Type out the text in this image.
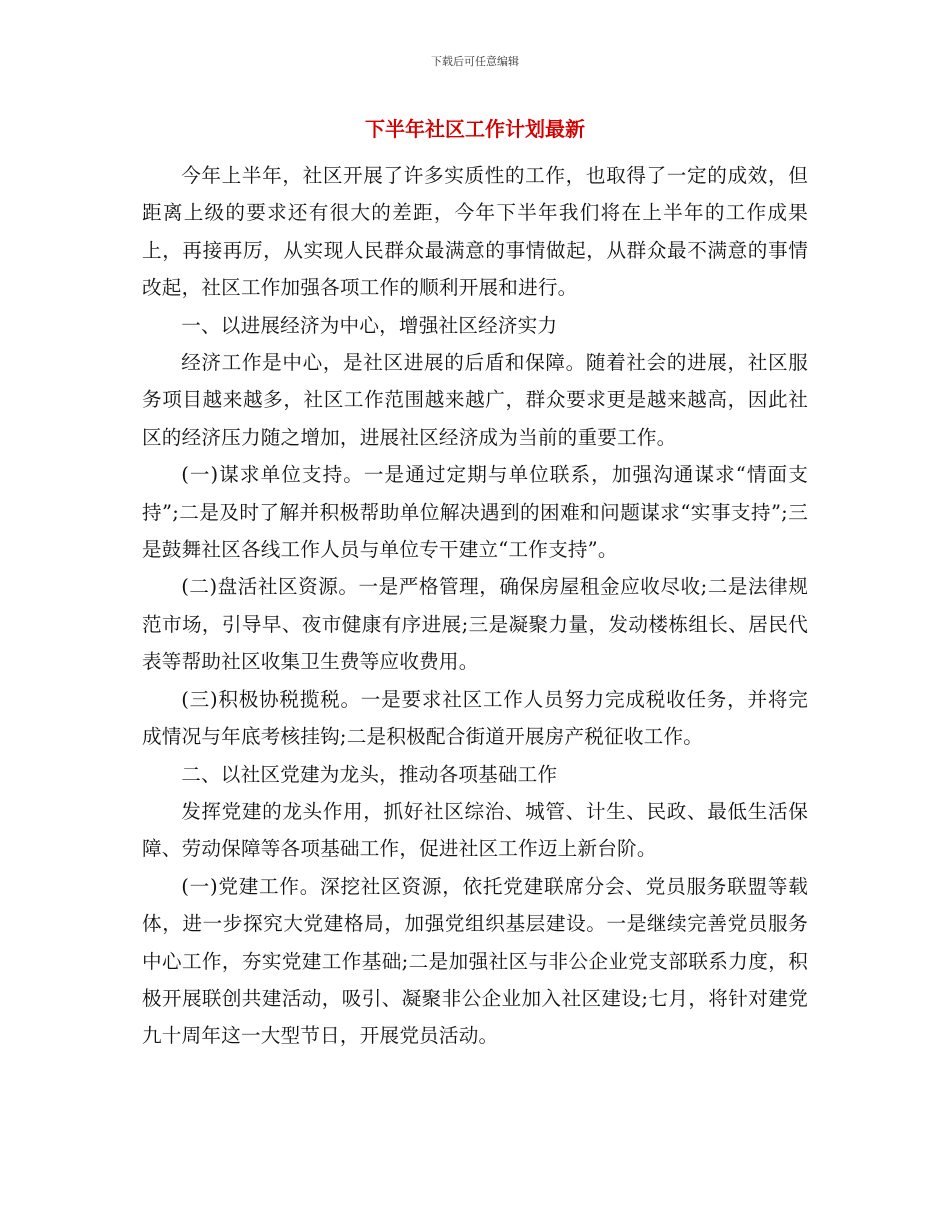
下载后可任意编辑
下半年社区工作计划最新

今年上半年，社区开展了许多实质性的工作，也取得了一定的成效，但距离上级的要求还有很大的差距，今年下半年我们将在上半年的工作成果上，再接再厉，从实现人民群众最满意的事情做起，从群众最不满意的事情改起，社区工作加强各项工作的顺利开展和进行。

一、以进展经济为中心，增强社区经济实力

经济工作是中心，是社区进展的后盾和保障。随着社会的进展，社区服务项目越来越多，社区工作范围越来越广，群众要求更是越来越高，因此社区的经济压力随之增加，进展社区经济成为当前的重要工作。

(一)谋求单位支持。一是通过定期与单位联系，加强沟通谋求“情面支持”;二是及时了解并积极帮助单位解决遇到的困难和问题谋求“实事支持”;三是鼓舞社区各线工作人员与单位专干建立“工作支持”。

(二)盘活社区资源。一是严格管理，确保房屋租金应收尽收;二是法律规范市场，引导早、夜市健康有序进展;三是凝聚力量，发动楼栋组长、居民代表等帮助社区收集卫生费等应收费用。

(三)积极协税揽税。一是要求社区工作人员努力完成税收任务，并将完成情况与年底考核挂钩;二是积极配合街道开展房产税征收工作。

二、以社区党建为龙头，推动各项基础工作

发挥党建的龙头作用，抓好社区综治、城管、计生、民政、最低生活保障、劳动保障等各项基础工作，促进社区工作迈上新台阶。

(一)党建工作。深挖社区资源，依托党建联席分会、党员服务联盟等载体，进一步探究大党建格局，加强党组织基层建设。一是继续完善党员服务中心工作，夯实党建工作基础;二是加强社区与非公企业党支部联系力度，积极开展联创共建活动，吸引、凝聚非公企业加入社区建设;七月，将针对建党九十周年这一大型节日，开展党员活动。
